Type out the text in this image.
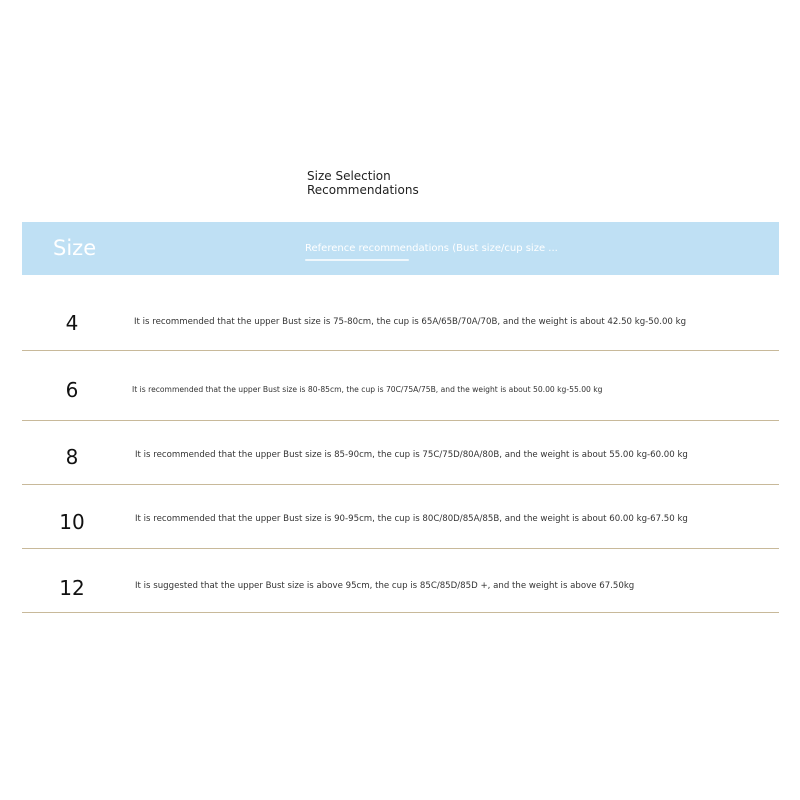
Size Selection
Recommendations
Size	Reference recommendations (Bust size/cup size ...
4	It is recommended that the upper Bust size is 75-80cm, the cup is 65A/65B/70A/70B, and the weight is about 42.50 kg-50.00 kg
6	It is recommended that the upper Bust size is 80-85cm, the cup is 70C/75A/75B, and the weight is about 50.00 kg-55.00 kg
8	It is recommended that the upper Bust size is 85-90cm, the cup is 75C/75D/80A/80B, and the weight is about 55.00 kg-60.00 kg
10	It is recommended that the upper Bust size is 90-95cm, the cup is 80C/80D/85A/85B, and the weight is about 60.00 kg-67.50 kg
12	It is suggested that the upper Bust size is above 95cm, the cup is 85C/85D/85D +, and the weight is above 67.50kg
